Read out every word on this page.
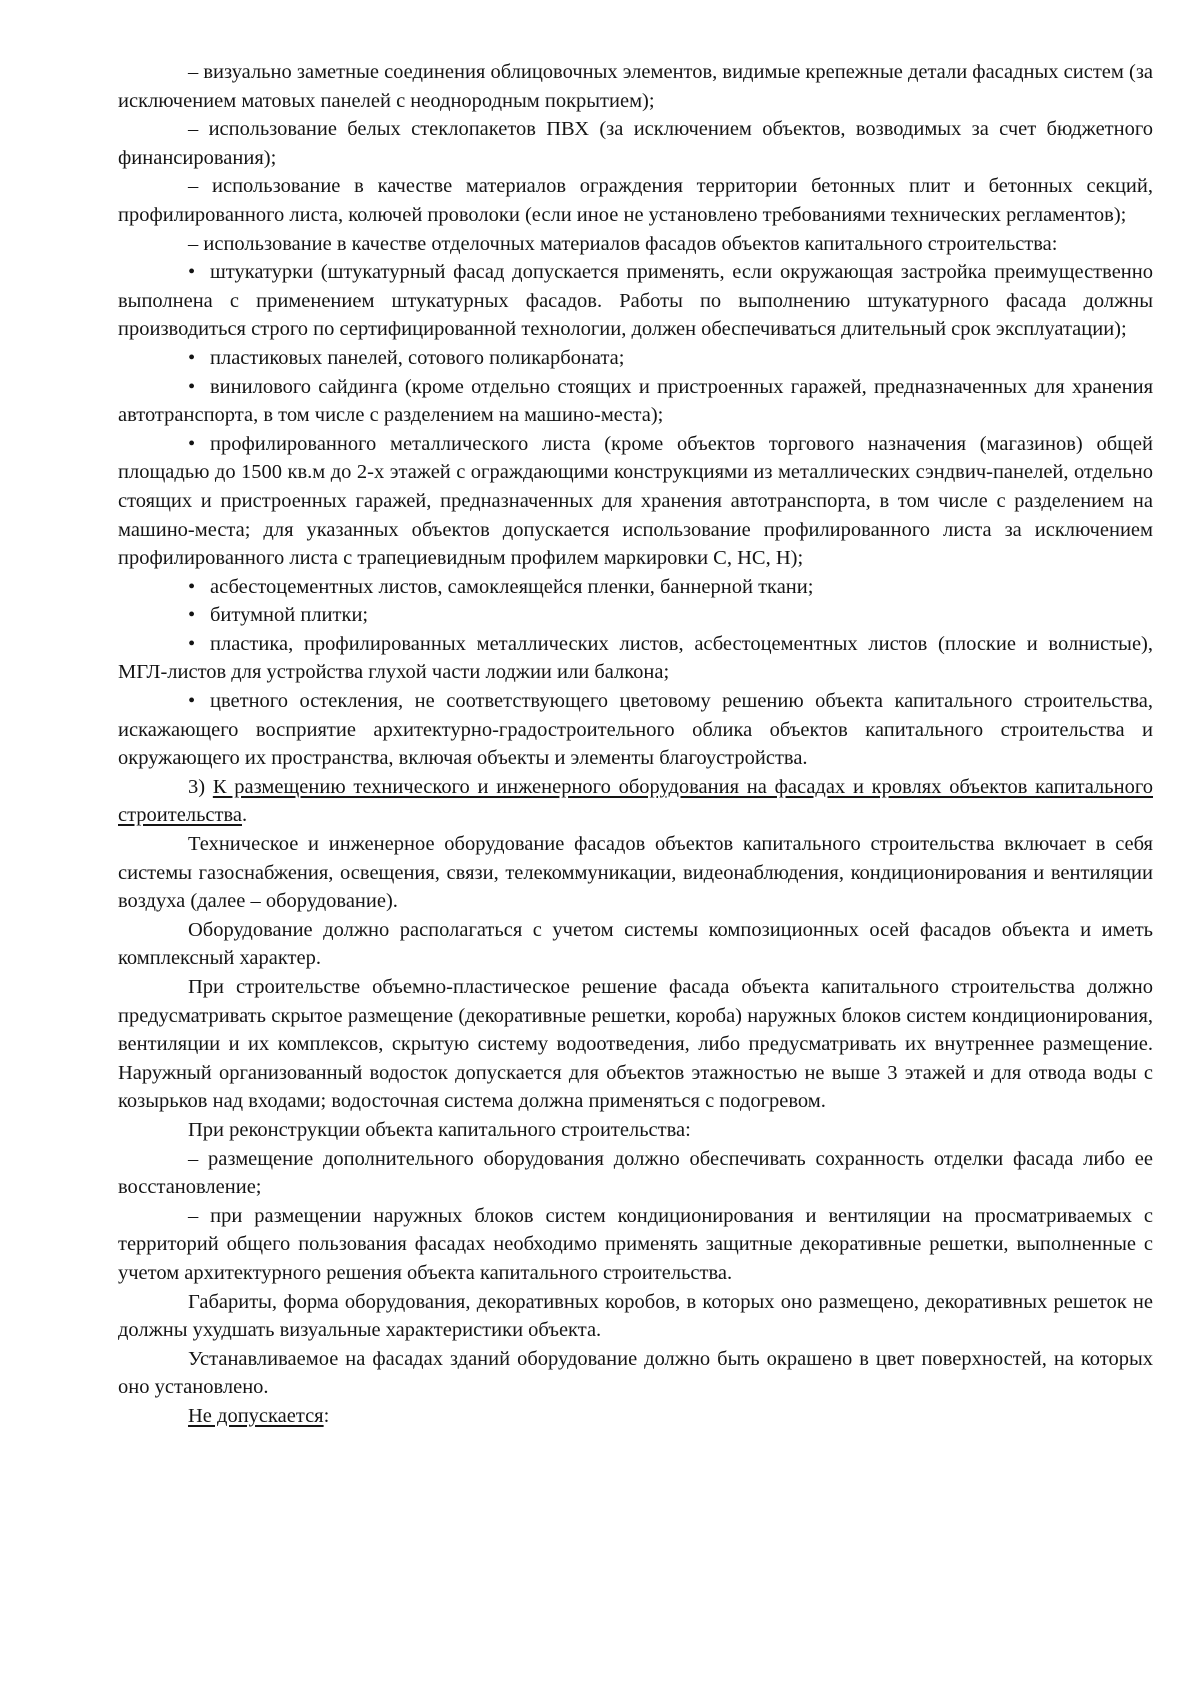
– визуально заметные соединения облицовочных элементов, видимые крепежные детали фасадных систем (за исключением матовых панелей с неоднородным покрытием);

– использование белых стеклопакетов ПВХ (за исключением объектов, возводимых за счет бюджетного финансирования);

– использование в качестве материалов ограждения территории бетонных плит и бетонных секций, профилированного листа, колючей проволоки (если иное не установлено требованиями технических регламентов);

– использование в качестве отделочных материалов фасадов объектов капитального строительства:

• штукатурки (штукатурный фасад допускается применять, если окружающая застройка преимущественно выполнена с применением штукатурных фасадов. Работы по выполнению штукатурного фасада должны производиться строго по сертифицированной технологии, должен обеспечиваться длительный срок эксплуатации);

• пластиковых панелей, сотового поликарбоната;

• винилового сайдинга (кроме отдельно стоящих и пристроенных гаражей, предназначенных для хранения автотранспорта, в том числе с разделением на машино-места);

• профилированного металлического листа (кроме объектов торгового назначения (магазинов) общей площадью до 1500 кв.м до 2-х этажей с ограждающими конструкциями из металлических сэндвич-панелей, отдельно стоящих и пристроенных гаражей, предназначенных для хранения автотранспорта, в том числе с разделением на машино-места; для указанных объектов допускается использование профилированного листа за исключением профилированного листа с трапециевидным профилем маркировки С, НС, Н);

• асбестоцементных листов, самоклеящейся пленки, баннерной ткани;

• битумной плитки;

• пластика, профилированных металлических листов, асбестоцементных листов (плоские и волнистые), МГЛ-листов для устройства глухой части лоджии или балкона;

• цветного остекления, не соответствующего цветовому решению объекта капитального строительства, искажающего восприятие архитектурно-градостроительного облика объектов капитального строительства и окружающего их пространства, включая объекты и элементы благоустройства.

3) К размещению технического и инженерного оборудования на фасадах и кровлях объектов капитального строительства.

Техническое и инженерное оборудование фасадов объектов капитального строительства включает в себя системы газоснабжения, освещения, связи, телекоммуникации, видеонаблюдения, кондиционирования и вентиляции воздуха (далее – оборудование).

Оборудование должно располагаться с учетом системы композиционных осей фасадов объекта и иметь комплексный характер.

При строительстве объемно-пластическое решение фасада объекта капитального строительства должно предусматривать скрытое размещение (декоративные решетки, короба) наружных блоков систем кондиционирования, вентиляции и их комплексов, скрытую систему водоотведения, либо предусматривать их внутреннее размещение. Наружный организованный водосток допускается для объектов этажностью не выше 3 этажей и для отвода воды с козырьков над входами; водосточная система должна применяться с подогревом.

При реконструкции объекта капитального строительства:

– размещение дополнительного оборудования должно обеспечивать сохранность отделки фасада либо ее восстановление;

– при размещении наружных блоков систем кондиционирования и вентиляции на просматриваемых с территорий общего пользования фасадах необходимо применять защитные декоративные решетки, выполненные с учетом архитектурного решения объекта капитального строительства.

Габариты, форма оборудования, декоративных коробов, в которых оно размещено, декоративных решеток не должны ухудшать визуальные характеристики объекта.

Устанавливаемое на фасадах зданий оборудование должно быть окрашено в цвет поверхностей, на которых оно установлено.

Не допускается:
